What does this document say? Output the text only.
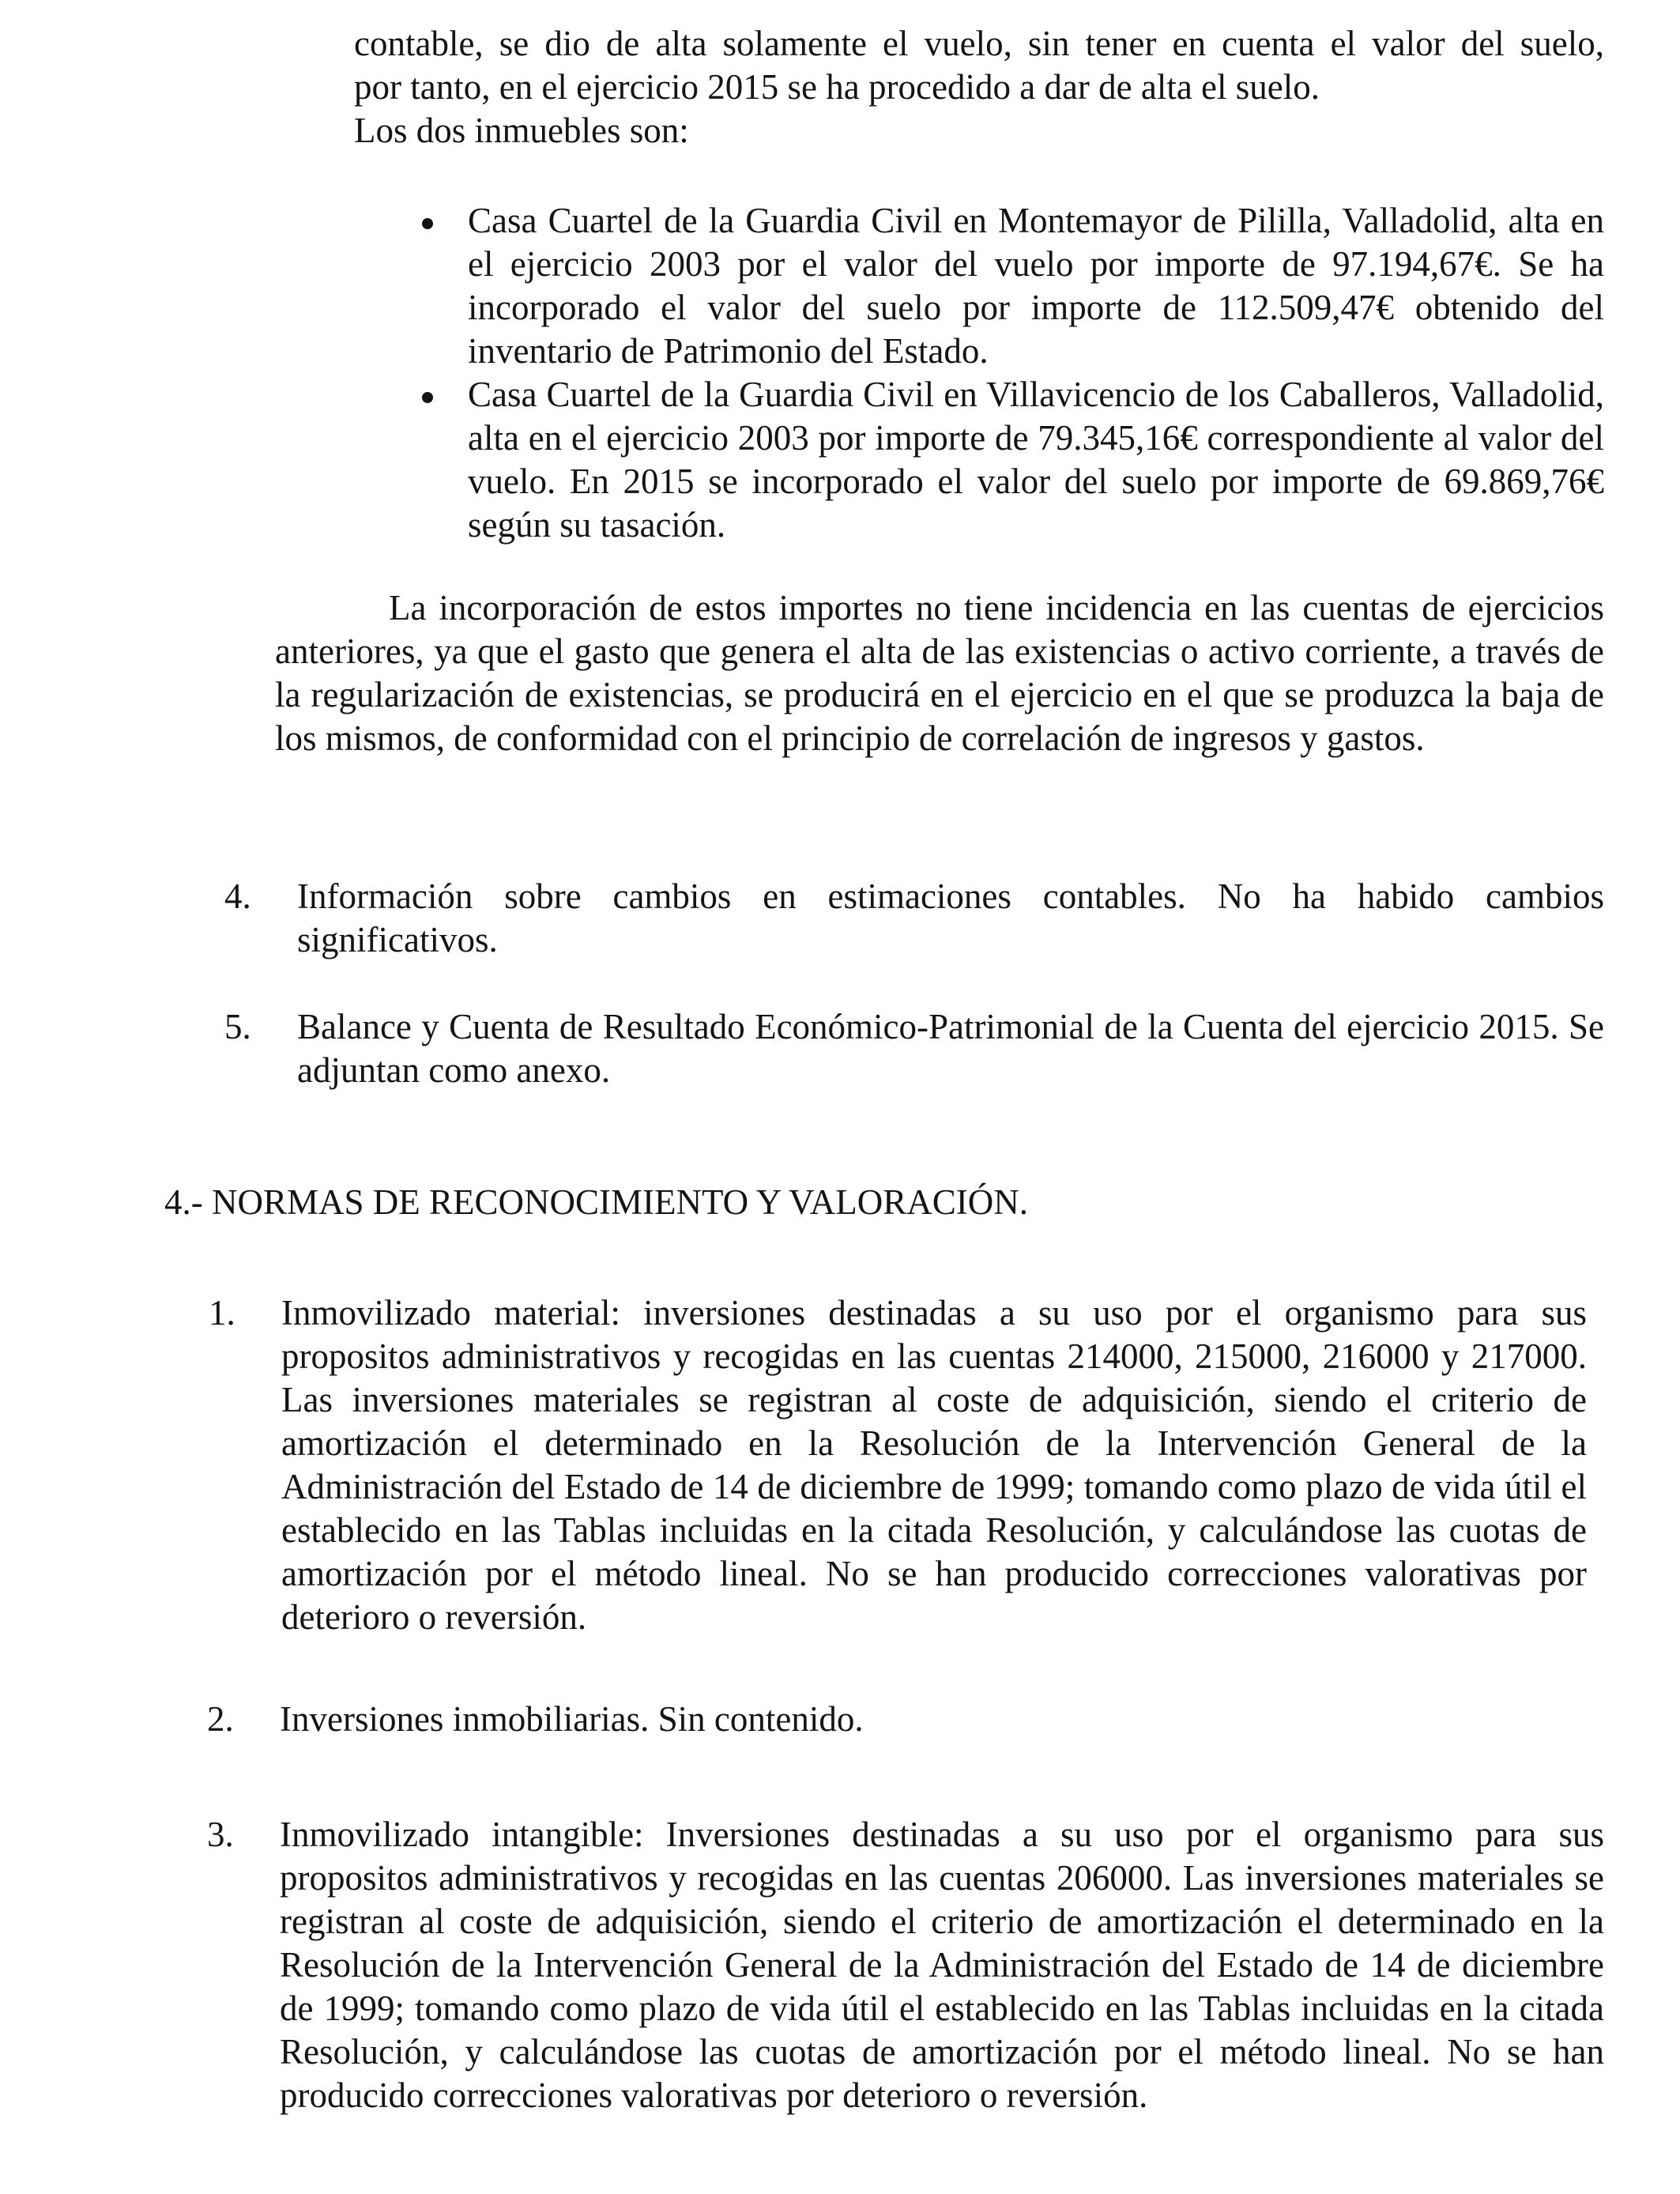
contable, se dio de alta solamente el vuelo, sin tener en cuenta el valor del suelo,

por tanto, en el ejercicio 2015 se ha procedido a dar de alta el suelo.

Los dos inmuebles son:

Casa Cuartel de la Guardia Civil en Montemayor de Pililla, Valladolid, alta en el ejercicio 2003 por el valor del vuelo por importe de 97.194,67€. Se ha incorporado el valor del suelo por importe de 112.509,47€ obtenido del inventario de Patrimonio del Estado.
Casa Cuartel de la Guardia Civil en Villavicencio de los Caballeros, Valladolid, alta en el ejercicio 2003 por importe de 79.345,16€ correspondiente al valor del vuelo. En 2015 se incorporado el valor del suelo por importe de 69.869,76€ según su tasación.
La incorporación de estos importes no tiene incidencia en las cuentas de ejercicios anteriores, ya que el gasto que genera el alta de las existencias o activo corriente, a través de la regularización de existencias, se producirá en el ejercicio en el que se produzca la baja de los mismos, de conformidad con el principio de correlación de ingresos y gastos.
4. Información sobre cambios en estimaciones contables. No ha habido cambios significativos.
5. Balance y Cuenta de Resultado Económico-Patrimonial de la Cuenta del ejercicio 2015. Se adjuntan como anexo.
4.- NORMAS DE RECONOCIMIENTO Y VALORACIÓN.
1. Inmovilizado material: inversiones destinadas a su uso por el organismo para sus propositos administrativos y recogidas en las cuentas 214000, 215000, 216000 y 217000. Las inversiones materiales se registran al coste de adquisición, siendo el criterio de amortización el determinado en la Resolución de la Intervención General de la Administración del Estado de 14 de diciembre de 1999; tomando como plazo de vida útil el establecido en las Tablas incluidas en la citada Resolución, y calculándose las cuotas de amortización por el método lineal. No se han producido correcciones valorativas por deterioro o reversión.
2. Inversiones inmobiliarias. Sin contenido.
3. Inmovilizado intangible: Inversiones destinadas a su uso por el organismo para sus propositos administrativos y recogidas en las cuentas 206000. Las inversiones materiales se registran al coste de adquisición, siendo el criterio de amortización el determinado en la Resolución de la Intervención General de la Administración del Estado de 14 de diciembre de 1999; tomando como plazo de vida útil el establecido en las Tablas incluidas en la citada Resolución, y calculándose las cuotas de amortización por el método lineal. No se han producido correcciones valorativas por deterioro o reversión.
